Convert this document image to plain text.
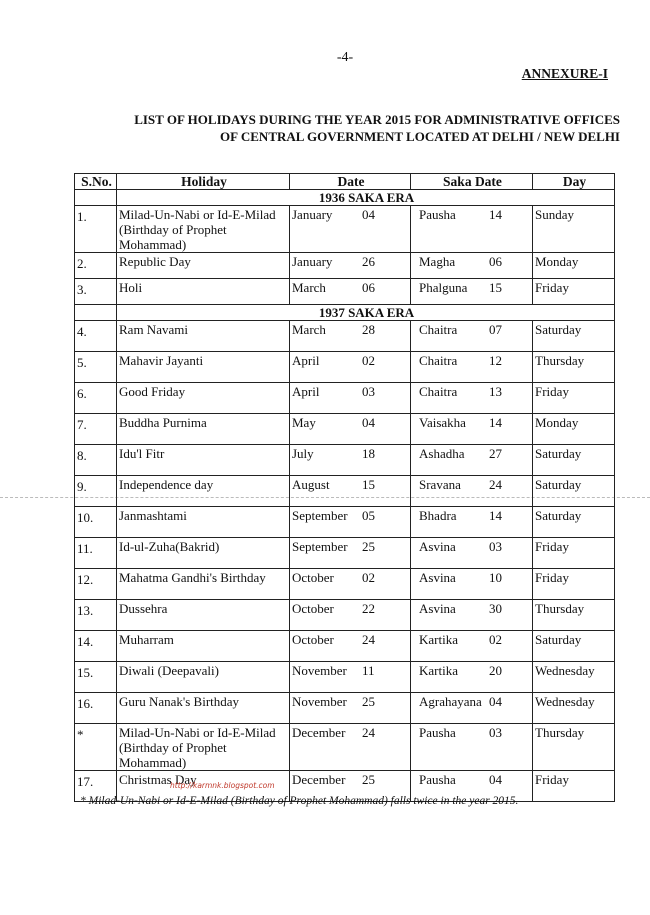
-4-
ANNEXURE-I
LIST OF HOLIDAYS DURING THE YEAR 2015 FOR ADMINISTRATIVE OFFICES
OF CENTRAL GOVERNMENT LOCATED AT DELHI / NEW DELHI
S.No.	Holiday	Date	Saka Date	Day
	1936 SAKA ERA			
1.	Milad-Un-Nabi or Id-E-Milad (Birthday of Prophet Mohammad)	January 04	Pausha 14	Sunday
2.	Republic Day	January 26	Magha 06	Monday
3.	Holi	March 06	Phalguna 15	Friday
	1937 SAKA ERA			
4.	Ram Navami	March 28	Chaitra 07	Saturday
5.	Mahavir Jayanti	April 02	Chaitra 12	Thursday
6.	Good Friday	April 03	Chaitra 13	Friday
7.	Buddha Purnima	May 04	Vaisakha 14	Monday
8.	Idu'l Fitr	July 18	Ashadha 27	Saturday
9.	Independence day	August 15	Sravana 24	Saturday
10.	Janmashtami	September 05	Bhadra 14	Saturday
11.	Id-ul-Zuha(Bakrid)	September 25	Asvina 03	Friday
12.	Mahatma Gandhi's Birthday	October 02	Asvina 10	Friday
13.	Dussehra	October 22	Asvina 30	Thursday
14.	Muharram	October 24	Kartika 02	Saturday
15.	Diwali (Deepavali)	November 11	Kartika 20	Wednesday
16.	Guru Nanak's Birthday	November 25	Agrahayana 04	Wednesday
*	Milad-Un-Nabi or Id-E-Milad (Birthday of Prophet Mohammad)	December 24	Pausha 03	Thursday
17.	Christmas Day	December 25	Pausha 04	Friday
http://karmnk.blogspot.com
* Milad-Un-Nabi or Id-E-Milad (Birthday of Prophet Mohammad) falls twice in the year 2015.
